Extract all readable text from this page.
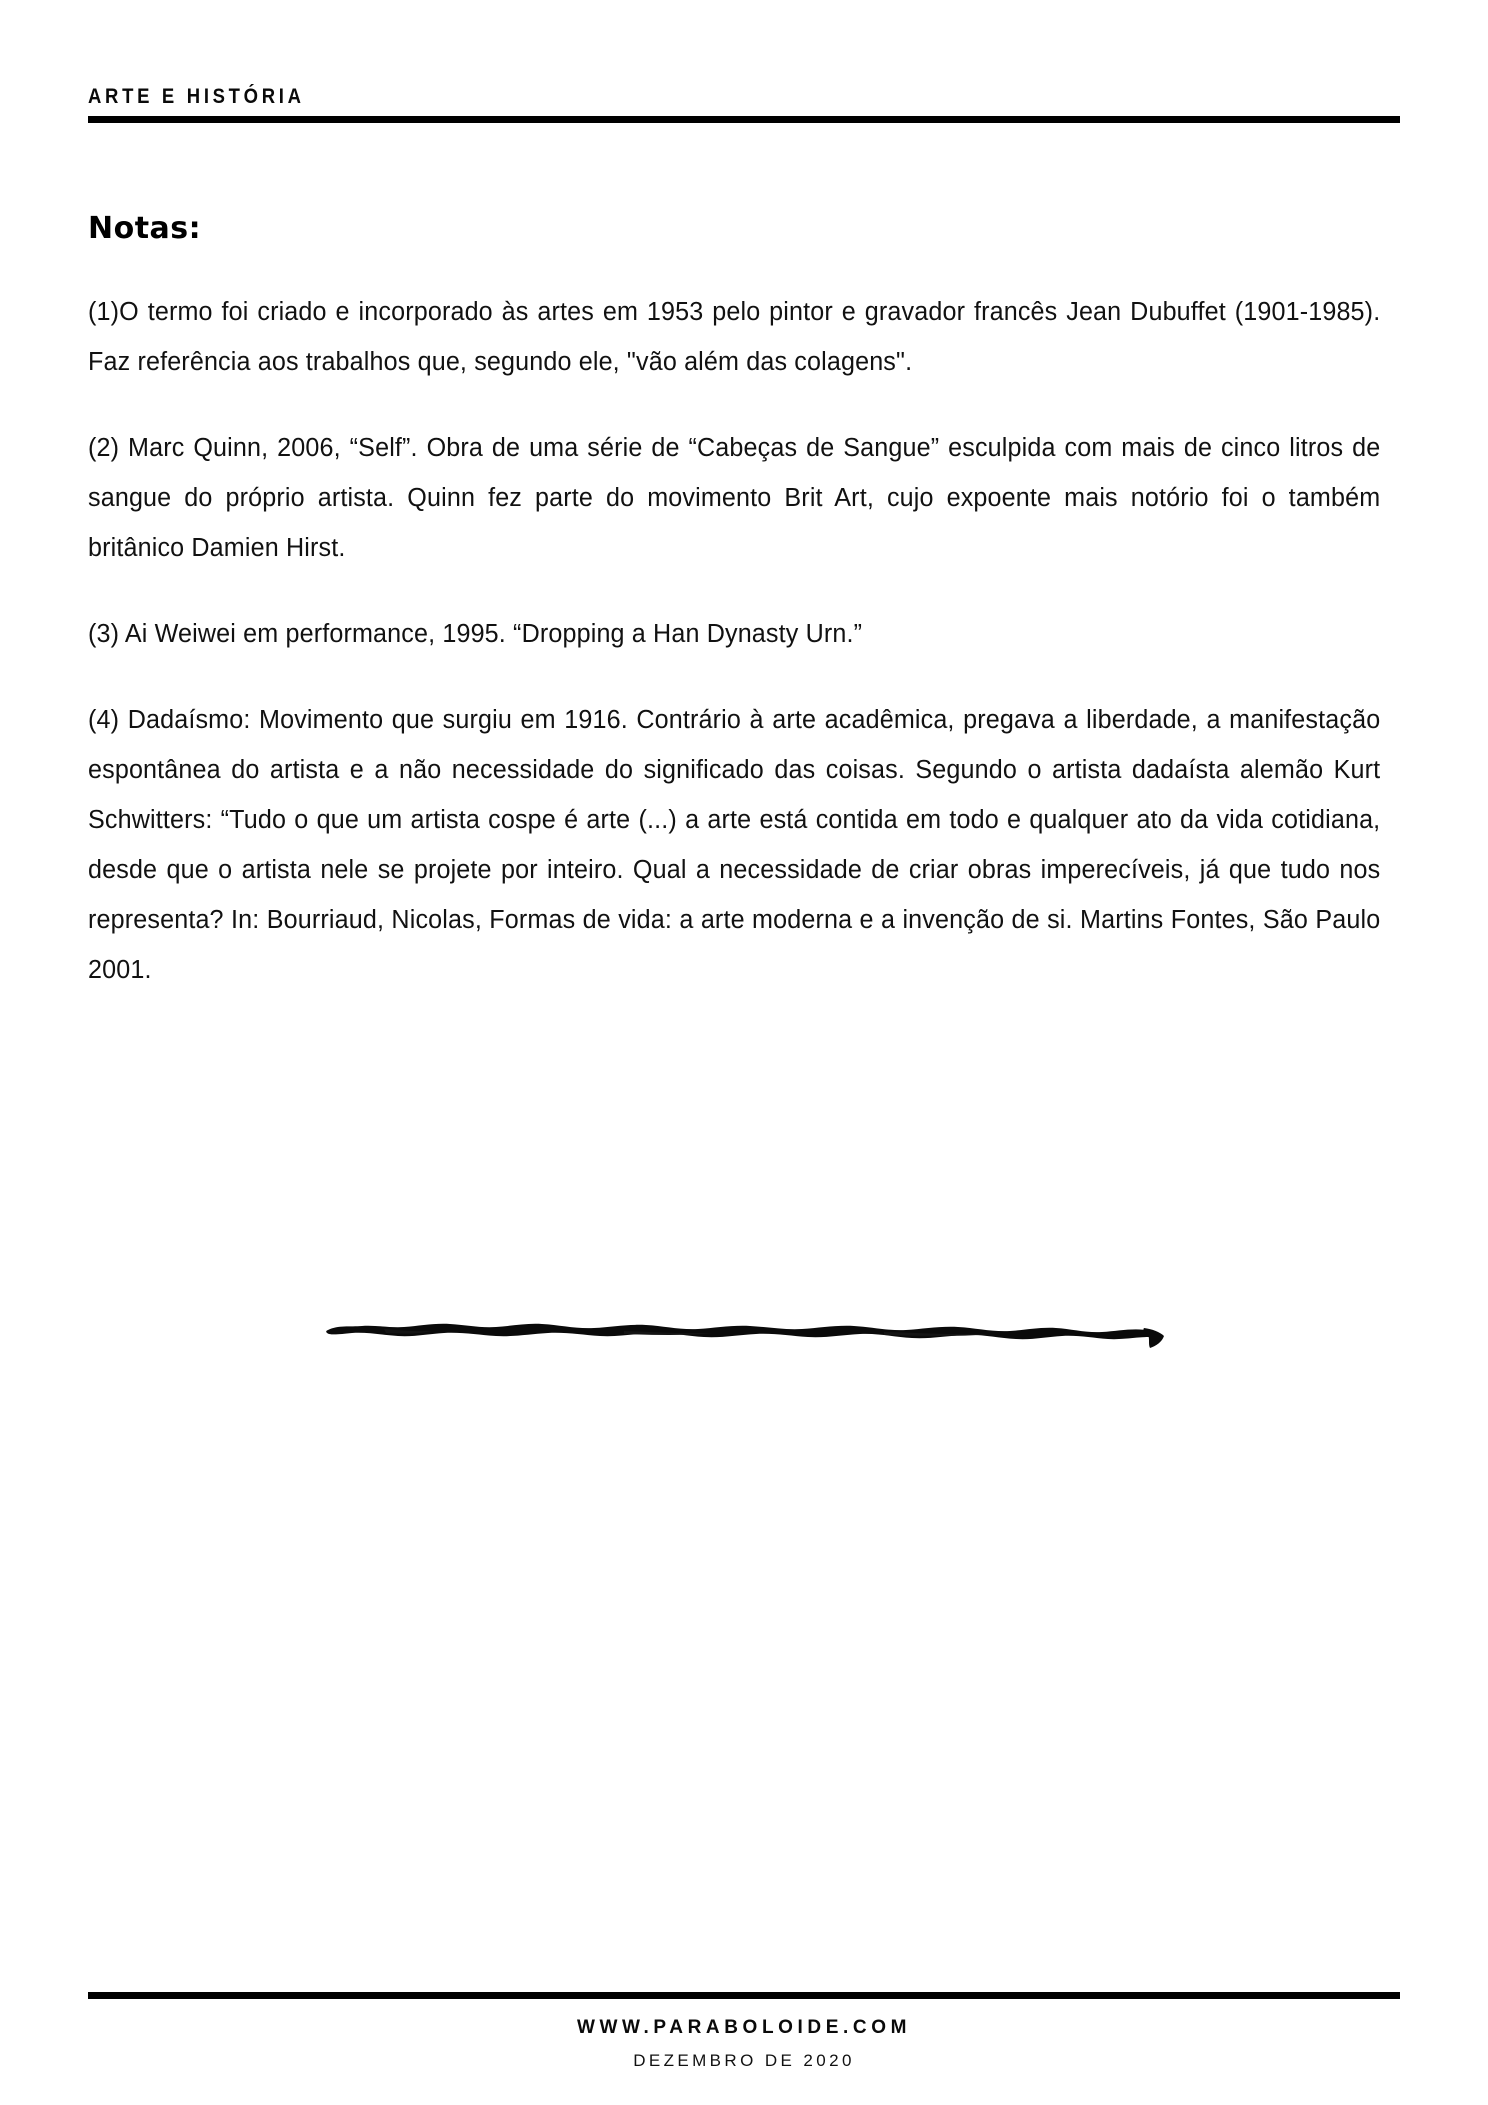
ARTE E HISTÓRIA
Notas:

(1)O termo foi criado e incorporado às artes em 1953 pelo pintor e gravador francês Jean Dubuffet (1901-1985). Faz referência aos trabalhos que, segundo ele, "vão além das colagens".

(2) Marc Quinn, 2006, “Self”. Obra de uma série de “Cabeças de Sangue” esculpida com mais de cinco litros de sangue do próprio artista. Quinn fez parte do movimento Brit Art, cujo expoente mais notório foi o também britânico Damien Hirst.

(3) Ai Weiwei em performance, 1995. “Dropping a Han Dynasty Urn.”

(4) Dadaísmo: Movimento que surgiu em 1916. Contrário à arte acadêmica, pregava a liberdade, a manifestação espontânea do artista e a não necessidade do significado das coisas. Segundo o artista dadaísta alemão Kurt Schwitters: “Tudo o que um artista cospe é arte (...) a arte está contida em todo e qualquer ato da vida cotidiana, desde que o artista nele se projete por inteiro. Qual a necessidade de criar obras imperecíveis, já que tudo nos representa? In: Bourriaud, Nicolas, Formas de vida: a arte moderna e a invenção de si. Martins Fontes, São Paulo 2001.

WWW.PARABOLOIDE.COM
DEZEMBRO DE 2020
